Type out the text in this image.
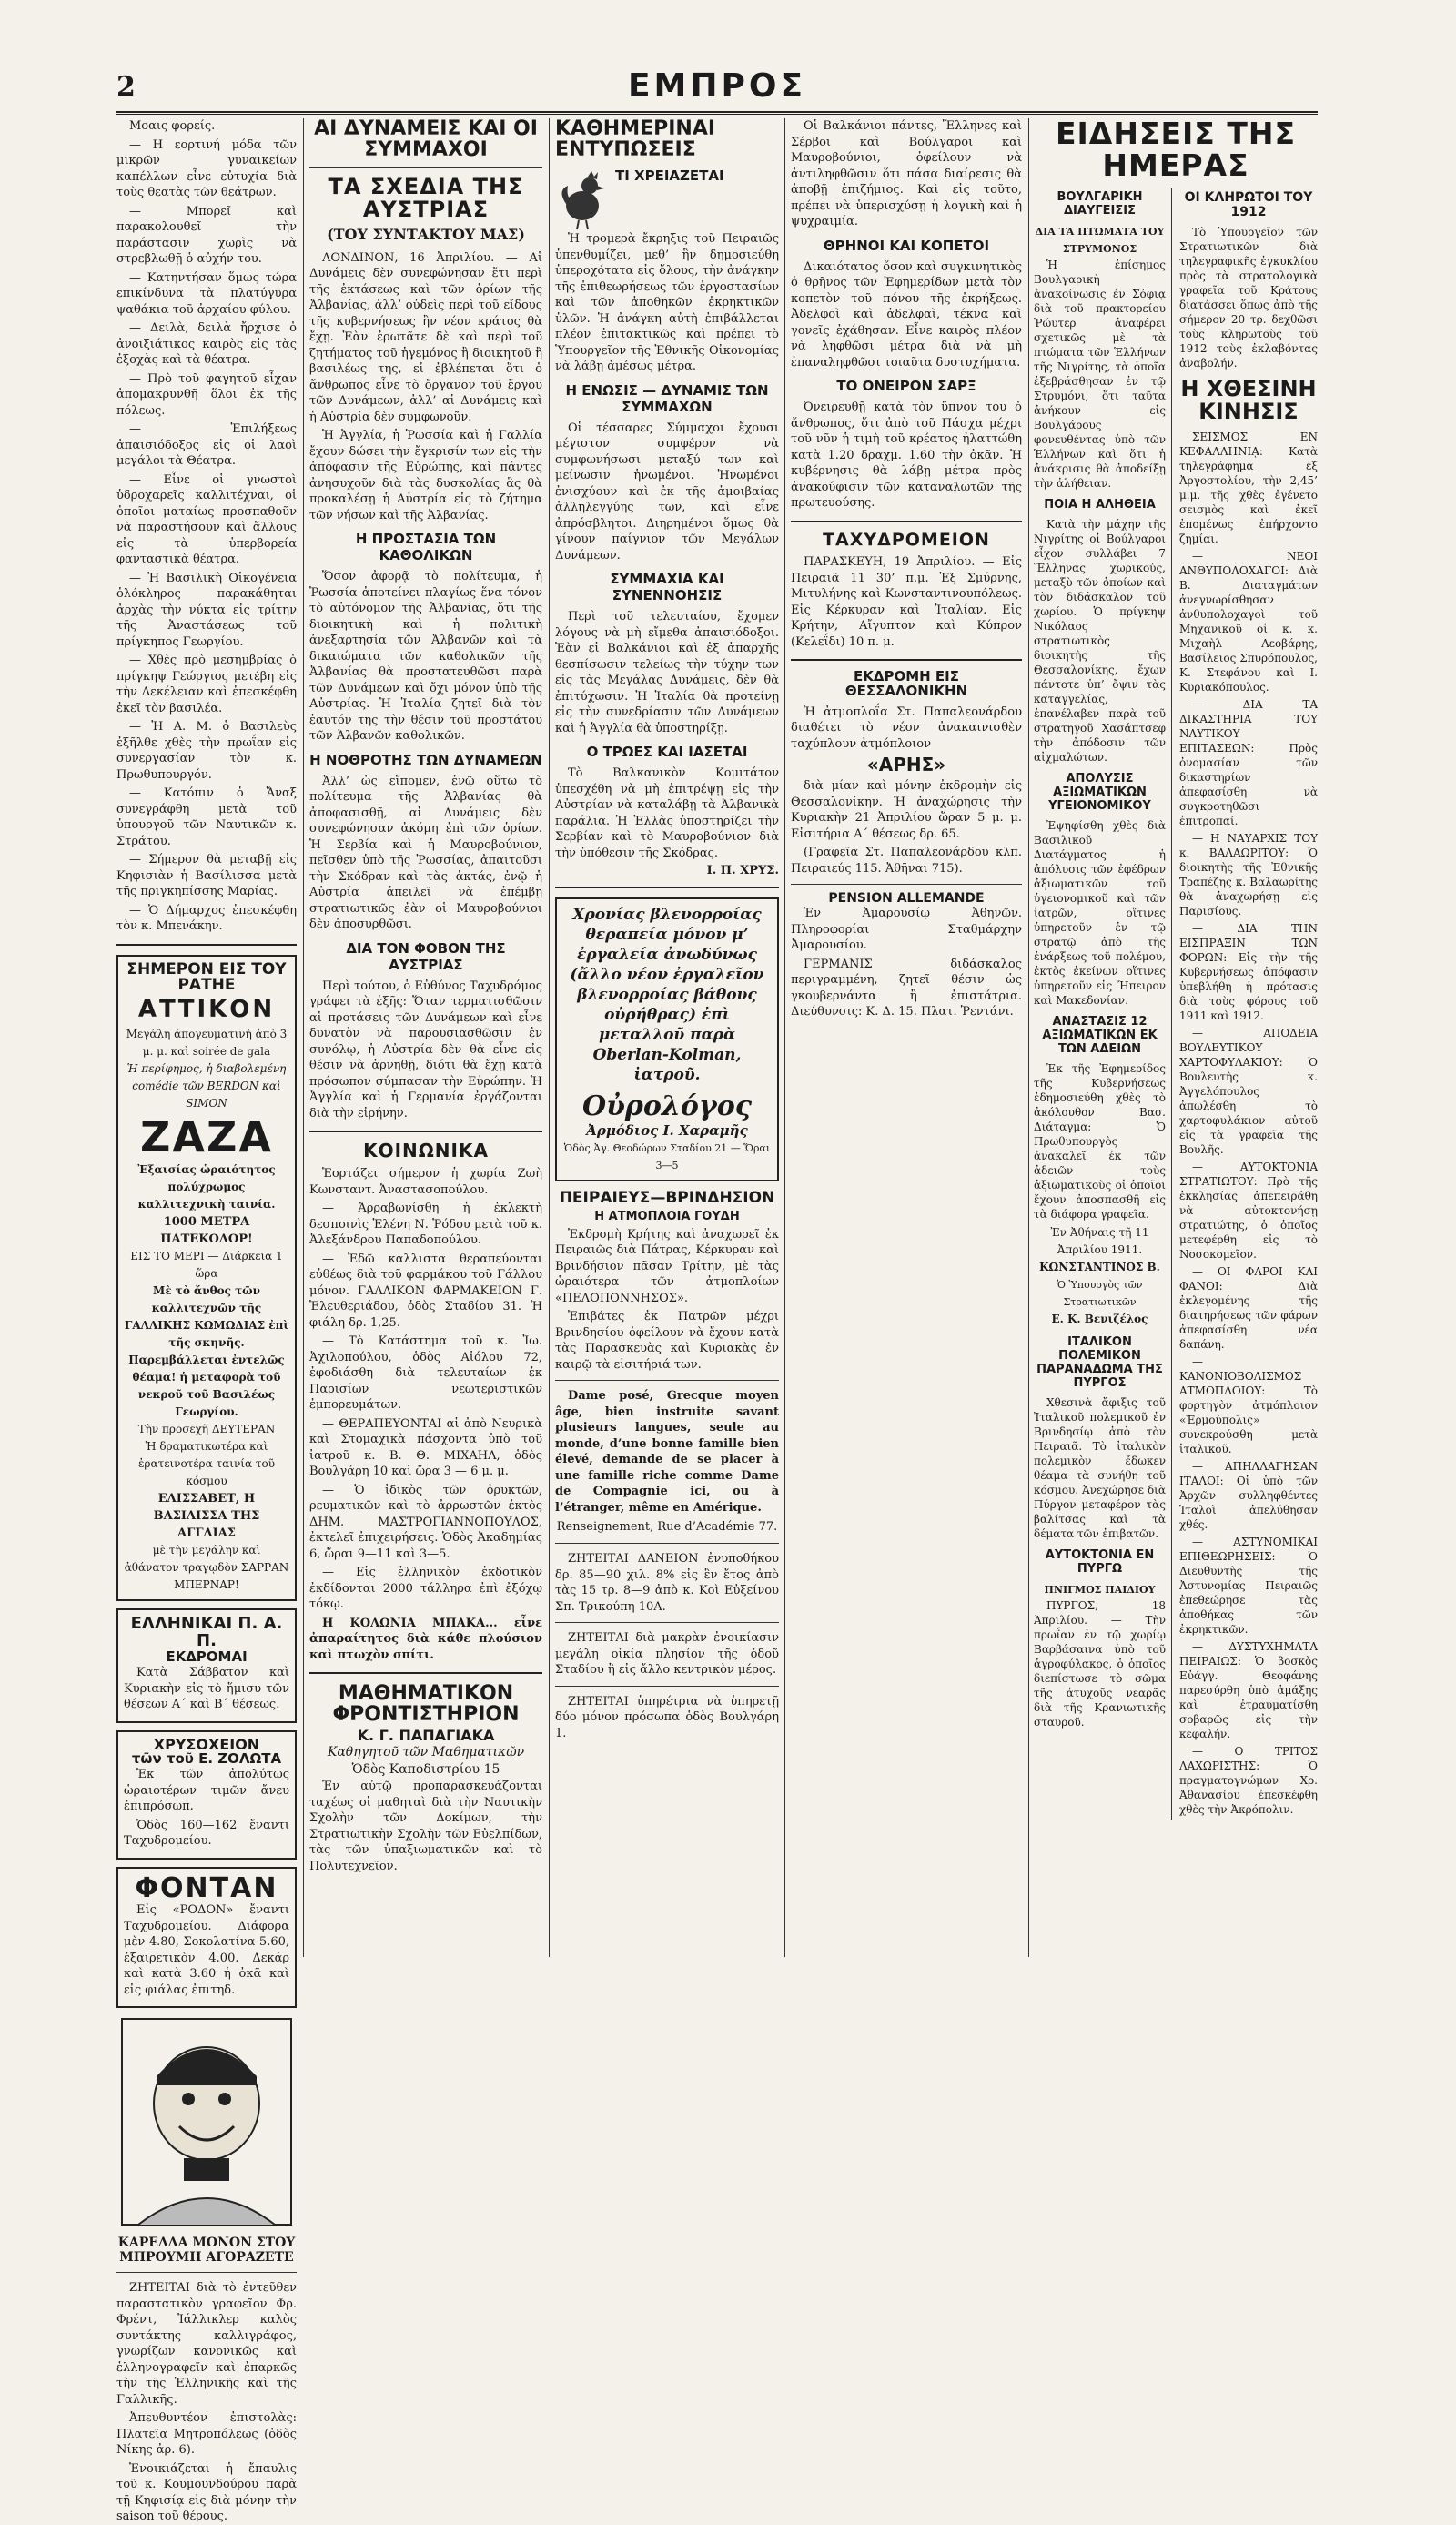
2	ΕΜΠΡΟΣ

Μοαις φορείς.

— Η εορτινή μόδα τῶν μικρῶν γυναικείων καπέλλων εἶνε εὐτυχία διὰ τοὺς θεατὰς τῶν θεάτρων.

— Μπορεῖ καὶ παρακολουθεῖ τὴν παράστασιν χωρὶς νὰ στρεβλωθῇ ὁ αὐχήν του.

— Κατηντήσαν ὅμως τώρα επικίνδυνα τὰ πλατύγυρα ψαθάκια τοῦ ἀρχαίου φύλου.

— Δειλὰ, δειλὰ ἤρχισε ὁ ἀνοιξιάτικος καιρὸς εἰς τὰς ἐξοχὰς καὶ τὰ θέατρα.

— Πρὸ τοῦ φαγητοῦ εἶχαν ἀπομακρυνθῆ ὅλοι ἐκ τῆς πόλεως.

— Ἐπιλήξεως ἀπαισιόδοξος εἰς οἱ λαοὶ μεγάλοι τὰ Θέατρα.

— Εἶνε οἱ γνωστοὶ ὑδροχαρεῖς καλλιτέχναι, οἱ ὁποῖοι ματαίως προσπαθοῦν νὰ παραστήσουν καὶ ἄλλους εἰς τὰ ὑπερβορεία φανταστικὰ θέατρα.

— Ἡ Βασιλικὴ Οἰκογένεια ὁλόκληρος παρακάθηται ἀρχὰς τὴν νύκτα εἰς τρίτην τῆς Ἀναστάσεως τοῦ πρίγκηπος Γεωργίου.

— Χθὲς πρὸ μεσημβρίας ὁ πρίγκηψ Γεώργιος μετέβη εἰς τὴν Δεκέλειαν καὶ ἐπεσκέφθη ἐκεῖ τὸν βασιλέα.

— Ἡ Α. Μ. ὁ Βασιλεὺς ἐξῆλθε χθὲς τὴν πρωΐαν εἰς συνεργασίαν τὸν κ. Πρωθυπουργόν.

— Κατόπιν ὁ Ἄναξ συνεγράφθη μετὰ τοῦ ὑπουργοῦ τῶν Ναυτικῶν κ. Στράτου.

— Σήμερον θὰ μεταβῇ εἰς Κηφισιὰν ἡ Βασίλισσα μετὰ τῆς πριγκηπίσσης Μαρίας.

— Ὁ Δήμαρχος ἐπεσκέφθη τὸν κ. Μπενάκην.

ΣΗΜΕΡΟΝ ΕΙΣ ΤΟΥ ΡΑΤΗΕ
ΑΤΤΙΚΟΝ
Μεγάλη ἀπογευματινὴ ἀπὸ 3 μ. μ. καὶ soirée de gala
Ἡ περίφημος, ἡ διαβολεμένη comédie τῶν BERDON καὶ SIMON
ΖΑΖΑ
Ἐξαισίας ὡραιότητος πολύχρωμος καλλιτεχνικὴ ταινία.
1000 ΜΕΤΡΑ ΠΑΤΕΚΟΛΟΡ!
ΕΙΣ ΤΟ ΜΕΡΙ — Διάρκεια 1 ὥρα
Μὲ τὸ ἄνθος τῶν καλλιτεχνῶν τῆς ΓΑΛΛΙΚΗΣ ΚΩΜΩΔΙΑΣ ἐπὶ τῆς σκηνῆς.
Παρεμβάλλεται ἐντελῶς θέαμα! ἡ μεταφορὰ τοῦ νεκροῦ τοῦ Βασιλέως Γεωργίου.
Τὴν προσεχῆ ΔΕΥΤΕΡΑΝ
Ἡ δραματικωτέρα καὶ ἐρατεινοτέρα ταινία τοῦ κόσμου
ΕΛΙΣΣΑΒΕΤ, Η ΒΑΣΙΛΙΣΣΑ ΤΗΣ ΑΓΓΛΙΑΣ
μὲ τὴν μεγάλην καὶ ἀθάνατον τραγῳδὸν ΣΑΡΡΑΝ ΜΠΕΡΝΑΡ!
ΕΛΛΗΝΙΚΑΙ Π. Α. Π.
ΕΚΔΡΟΜΑΙ

Κατὰ Σάββατον καὶ Κυριακὴν εἰς τὸ ἥμισυ τῶν θέσεων Α΄ καὶ Β΄ θέσεως.

ΧΡΥΣΟΧΕΙΟΝ
τῶν τοῦ Ε. ΖΟΛΩΤΑ

Ἐκ τῶν ἀπολύτως ὡραιοτέρων τιμῶν ἄνευ ἐπιπρόσωπ.

Ὁδὸς 160—162 ἔναντι Ταχυδρομείου.

ΦΟΝΤΑΝ

Εἰς «ΡΟΔΟΝ» ἔναντι Ταχυδρομείου. Διάφορα μὲν 4.80, Σοκολατίνα 5.60, ἐξαιρετικὸν 4.00. Δεκάρ καὶ κατὰ 3.60 ἡ ὀκᾶ καὶ εἰς φιάλας ἐπιτηδ.

ΚΑΡΕΛΛΑ ΜΟΝΟΝ ΣΤΟΥ ΜΠΡΟΥΜΗ ΑΓΟΡΑΖΕΤΕ

ΖΗΤΕΙΤΑΙ διὰ τὸ ἐντεῦθεν παραστατικὸν γραφεῖον Φρ. Φρέντ, Ἰάλλικλερ καλὸς συντάκτης καλλιγράφος, γνωρίζων κανονικῶς καὶ ἑλληνογραφεῖν καὶ ἐπαρκῶς τὴν τῆς Ἑλληνικῆς καὶ τῆς Γαλλικῆς.

Ἀπευθυντέον ἐπιστολὰς: Πλατεῖα Μητροπόλεως (ὁδὸς Νίκης ἀρ. 6).

Ἐνοικιάζεται ἡ ἔπαυλις τοῦ κ. Κουμουνδούρου παρὰ τῇ Κηφισίᾳ εἰς διὰ μόνην τὴν saison τοῦ θέρους.

ΑΙ ΔΥΝΑΜΕΙΣ ΚΑΙ ΟΙ ΣΥΜΜΑΧΟΙ
ΤΑ ΣΧΕΔΙΑ ΤΗΣ ΑΥΣΤΡΙΑΣ
(ΤΟΥ ΣΥΝΤΑΚΤΟΥ ΜΑΣ)

ΛΟΝΔΙΝΟΝ, 16 Ἀπριλίου. — Αἱ Δυνάμεις δὲν συνεφώνησαν ἔτι περὶ τῆς ἐκτάσεως καὶ τῶν ὁρίων τῆς Ἀλβανίας, ἀλλ’ οὐδεὶς περὶ τοῦ εἴδους τῆς κυβερνήσεως ἢν νέον κράτος θὰ ἔχῃ. Ἐὰν ἐρωτᾶτε δὲ καὶ περὶ τοῦ ζητήματος τοῦ ἡγεμόνος ἢ διοικητοῦ ἢ βασιλέως της, εἰ ἐβλέπεται ὅτι ὁ ἄνθρωπος εἶνε τὸ ὄργανον τοῦ ἔργου τῶν Δυνάμεων, ἀλλ’ αἱ Δυνάμεις καὶ ἡ Αὐστρία δὲν συμφωνοῦν.

Ἡ Ἀγγλία, ἡ Ῥωσσία καὶ ἡ Γαλλία ἔχουν δώσει τὴν ἔγκρισίν των εἰς τὴν ἀπόφασιν τῆς Εὐρώπης, καὶ πάντες ἀνησυχοῦν διὰ τὰς δυσκολίας ἃς θὰ προκαλέσῃ ἡ Αὐστρία εἰς τὸ ζήτημα τῶν νήσων καὶ τῆς Ἀλβανίας.

Η ΠΡΟΣΤΑΣΙΑ ΤΩΝ ΚΑΘΟΛΙΚΩΝ

Ὅσον ἀφορᾷ τὸ πολίτευμα, ἡ Ῥωσσία ἀποτείνει πλαγίως ἕνα τόνον τὸ αὐτόνομον τῆς Ἀλβανίας, ὅτι τῆς διοικητικὴ καὶ ἡ πολιτικὴ ἀνεξαρτησία τῶν Ἀλβανῶν καὶ τὰ δικαιώματα τῶν καθολικῶν τῆς Ἀλβανίας θὰ προστατευθῶσι παρὰ τῶν Δυνάμεων καὶ ὄχι μόνον ὑπὸ τῆς Αὐστρίας. Ἡ Ἰταλία ζητεῖ διὰ τὸν ἑαυτόν της τὴν θέσιν τοῦ προστάτου τῶν Ἀλβανῶν καθολικῶν.

Η ΝΟΘΡΟΤΗΣ ΤΩΝ ΔΥΝΑΜΕΩΝ

Ἀλλ’ ὡς εἴπομεν, ἐνῷ οὕτω τὸ πολίτευμα τῆς Ἀλβανίας θὰ ἀποφασισθῇ, αἱ Δυνάμεις δὲν συνεφώνησαν ἀκόμη ἐπὶ τῶν ὁρίων. Ἡ Σερβία καὶ ἡ Μαυροβούνιον, πεῖσθεν ὑπὸ τῆς Ῥωσσίας, ἀπαιτοῦσι τὴν Σκόδραν καὶ τὰς ἀκτάς, ἐνῷ ἡ Αὐστρία ἀπειλεῖ νὰ ἐπέμβῃ στρατιωτικῶς ἐὰν οἱ Μαυροβούνιοι δὲν ἀποσυρθῶσι.

ΔΙΑ ΤΟΝ ΦΟΒΟΝ ΤΗΣ ΑΥΣΤΡΙΑΣ

Περὶ τούτου, ὁ Εὐθύνος Ταχυδρόμος γράφει τὰ ἑξῆς: Ὅταν τερματισθῶσιν αἱ προτάσεις τῶν Δυνάμεων καὶ εἶνε δυνατὸν νὰ παρουσιασθῶσιν ἐν συνόλῳ, ἡ Αὐστρία δὲν θὰ εἶνε εἰς θέσιν νὰ ἀρνηθῇ, διότι θὰ ἔχῃ κατὰ πρόσωπον σύμπασαν τὴν Εὐρώπην. Ἡ Ἀγγλία καὶ ἡ Γερμανία ἐργάζονται διὰ τὴν εἰρήνην.

ΚΟΙΝΩΝΙΚΑ

Ἑορτάζει σήμερον ἡ χωρία Ζωὴ Κωνσταντ. Ἀναστασοπούλου.

— Ἀρραβωνίσθη ἡ ἐκλεκτὴ δεσποινὶς Ἑλένη Ν. Ῥόδου μετὰ τοῦ κ. Ἀλεξάνδρου Παπαδοπούλου.

— Ἐδῶ καλλιστα θεραπεύονται εὐθέως διὰ τοῦ φαρμάκου τοῦ Γάλλου μόνον. ΓΑΛΛΙΚΟΝ ΦΑΡΜΑΚΕΙΟΝ Γ. Ἐλευθεριάδου, ὁδὸς Σταδίου 31. Ἡ φιάλη δρ. 1,25.

— Τὸ Κατάστημα τοῦ κ. Ἰω. Ἀχιλοπούλου, ὁδὸς Αἰόλου 72, ἐφοδιάσθη διὰ τελευταίων ἐκ Παρισίων νεωτεριστικῶν ἐμπορευμάτων.

— ΘΕΡΑΠΕΥΟΝΤΑΙ αἱ ἀπὸ Νευρικὰ καὶ Στομαχικὰ πάσχοντα ὑπὸ τοῦ ἰατροῦ κ. Β. Θ. ΜΙΧΑΗΛ, ὁδὸς Βουλγάρη 10 καὶ ὥρα 3 — 6 μ. μ.

— Ὁ ἰδικὸς τῶν ὀρυκτῶν, ρευματικῶν καὶ τὸ ἀρρωστῶν ἐκτὸς ΔΗΜ. ΜΑΣΤΡΟΓΙΑΝΝΟΠΟΥΛΟΣ, ἐκτελεῖ ἐπιχειρήσεις. Ὁδὸς Ἀκαδημίας 6, ὥραι 9—11 καὶ 3—5.

— Εἰς ἑλληνικὸν ἐκδοτικὸν ἐκδίδονται 2000 τάλληρα ἐπὶ ἐξόχῳ τόκῳ.

Η ΚΟΛΩΝΙΑ ΜΠΑΚΑ... εἶνε ἀπαραίτητος διὰ κάθε πλούσιον καὶ πτωχὸν σπίτι.

ΜΑΘΗΜΑΤΙΚΟΝ ΦΡΟΝΤΙΣΤΗΡΙΟΝ
Κ. Γ. ΠΑΠΑΓΙΑΚΑ
Καθηγητοῦ τῶν Μαθηματικῶν
Ὁδὸς Καποδιστρίου 15

Ἐν αὐτῷ προπαρασκευάζονται ταχέως οἱ μαθηταὶ διὰ τὴν Ναυτικὴν Σχολὴν τῶν Δοκίμων, τὴν Στρατιωτικὴν Σχολὴν τῶν Εὐελπίδων, τὰς τῶν ὑπαξιωματικῶν καὶ τὸ Πολυτεχνεῖον.

ΚΑΘΗΜΕΡΙΝΑΙ ΕΝΤΥΠΩΣΕΙΣ
ΤΙ ΧΡΕΙΑΖΕΤΑΙ

Ἡ τρομερὰ ἔκρηξις τοῦ Πειραιῶς ὑπενθυμίζει, μεθ’ ἣν δημοσιεύθη ὑπεροχότατα εἰς ὅλους, τὴν ἀνάγκην τῆς ἐπιθεωρήσεως τῶν ἐργοστασίων καὶ τῶν ἀποθηκῶν ἐκρηκτικῶν ὑλῶν. Ἡ ἀνάγκη αὐτὴ ἐπιβάλλεται πλέον ἐπιτακτικῶς καὶ πρέπει τὸ Ὑπουργεῖον τῆς Ἐθνικῆς Οἰκονομίας νὰ λάβῃ ἀμέσως μέτρα.

Η ΕΝΩΣΙΣ — ΔΥΝΑΜΙΣ ΤΩΝ ΣΥΜΜΑΧΩΝ

Οἱ τέσσαρες Σύμμαχοι ἔχουσι μέγιστον συμφέρον νὰ συμφωνήσωσι μεταξύ των καὶ μείνωσιν ἡνωμένοι. Ἡνωμένοι ἐνισχύουν καὶ ἐκ τῆς ἀμοιβαίας ἀλληλεγγύης των, καὶ εἶνε ἀπρόσβλητοι. Διηρημένοι ὅμως θὰ γίνουν παίγνιον τῶν Μεγάλων Δυνάμεων.

ΣΥΜΜΑΧΙΑ ΚΑΙ ΣΥΝΕΝΝΟΗΣΙΣ

Περὶ τοῦ τελευταίου, ἔχομεν λόγους νὰ μὴ εἴμεθα ἀπαισιόδοξοι. Ἐὰν εἰ Βαλκάνιοι καὶ ἐξ ἀπαρχῆς θεσπίσωσιν τελείως τὴν τύχην των εἰς τὰς Μεγάλας Δυνάμεις, δὲν θὰ ἐπιτύχωσιν. Ἡ Ἰταλία θὰ προτείνῃ εἰς τὴν συνεδρίασιν τῶν Δυνάμεων καὶ ἡ Ἀγγλία θὰ ὑποστηρίξῃ.

Ο ΤΡΩΕΣ ΚΑΙ ΙΑΣΕΤΑΙ

Τὸ Βαλκανικὸν Κομιτάτον ὑπεσχέθη νὰ μὴ ἐπιτρέψῃ εἰς τὴν Αὐστρίαν νὰ καταλάβῃ τὰ Ἀλβανικὰ παράλια. Ἡ Ἑλλὰς ὑποστηρίζει τὴν Σερβίαν καὶ τὸ Μαυροβούνιον διὰ τὴν ὑπόθεσιν τῆς Σκόδρας.

Ι. Π. ΧΡΥΣ.

Χρονίας βλενορροίας θεραπεία μόνον μ’ ἐργαλεία ἀνωδύνως (ἄλλο νέον ἐργαλεῖον βλενορροίας βάθους οὐρήθρας) ἐπὶ μεταλλοῦ παρὰ Oberlan-Kolman, ἰατροῦ.

Οὐρολόγος
Ἀρμόδιος Ι. Χαραμῆς
Ὁδὸς Ἀγ. Θεοδώρων Σταδίου 21 — Ὥραι 3—5
ΠΕΙΡΑΙΕΥΣ—ΒΡΙΝΔΗΣΙΟΝ
Η ΑΤΜΟΠΛΟΙΑ ΓΟΥΔΗ

Ἐκδρομὴ Κρήτης καὶ ἀναχωρεῖ ἐκ Πειραιῶς διὰ Πάτρας, Κέρκυραν καὶ Βρινδήσιον πᾶσαν Τρίτην, μὲ τὰς ὡραιότερα τῶν ἀτμοπλοίων «ΠΕΛΟΠΟΝΝΗΣΟΣ».

Ἐπιβάτες ἐκ Πατρῶν μέχρι Βρινδησίου ὀφείλουν νὰ ἔχουν κατὰ τὰς Παρασκευὰς καὶ Κυριακὰς ἐν καιρῷ τὰ εἰσιτήριά των.

Dame posé, Grecque moyen âge, bien instruite savant plusieurs langues, seule au monde, d’une bonne famille bien élevé, demande de se placer à une famille riche comme Dame de Compagnie ici, ou à l’étranger, même en Amérique.

Renseignement, Rue d’Académie 77.

ΖΗΤΕΙΤΑΙ ΔΑΝΕΙΟΝ ἐνυποθήκου δρ. 85—90 χιλ. 8% εἰς ἓν ἔτος ἀπὸ τὰς 15 τρ. 8—9 ἀπὸ κ. Κοὶ Εὐξείνου Σπ. Τρικούπη 10Α.

ΖΗΤΕΙΤΑΙ διὰ μακρὰν ἐνοικίασιν μεγάλη οἰκία πλησίον τῆς ὁδοῦ Σταδίου ἢ εἰς ἄλλο κεντρικὸν μέρος.

ΖΗΤΕΙΤΑΙ ὑπηρέτρια νὰ ὑπηρετῇ δύο μόνον πρόσωπα ὁδὸς Βουλγάρη 1.

Οἱ Βαλκάνιοι πάντες, Ἕλληνες καὶ Σέρβοι καὶ Βούλγαροι καὶ Μαυροβούνιοι, ὀφείλουν νὰ ἀντιληφθῶσιν ὅτι πάσα διαίρεσις θὰ ἀποβῇ ἐπιζήμιος. Καὶ εἰς τοῦτο, πρέπει νὰ ὑπερισχύσῃ ἡ λογικὴ καὶ ἡ ψυχραιμία.

ΘΡΗΝΟΙ ΚΑΙ ΚΟΠΕΤΟΙ

Δικαιότατος ὅσον καὶ συγκινητικὸς ὁ θρῆνος τῶν Ἐφημερίδων μετὰ τὸν κοπετὸν τοῦ πόνου τῆς ἐκρήξεως. Ἀδελφοὶ καὶ ἀδελφαὶ, τέκνα καὶ γονεῖς ἐχάθησαν. Εἶνε καιρὸς πλέον νὰ ληφθῶσι μέτρα διὰ νὰ μὴ ἐπαναληφθῶσι τοιαῦτα δυστυχήματα.

ΤΟ ΟΝΕΙΡΟΝ ΣΑΡΞ

Ὀνειρευθῇ κατὰ τὸν ὕπνον του ὁ ἄνθρωπος, ὅτι ἀπὸ τοῦ Πάσχα μέχρι τοῦ νῦν ἡ τιμὴ τοῦ κρέατος ἠλαττώθη κατὰ 1.20 δραχμ. 1.60 τὴν ὀκᾶν. Ἡ κυβέρνησις θὰ λάβῃ μέτρα πρὸς ἀνακούφισιν τῶν καταναλωτῶν τῆς πρωτευούσης.

ΤΑΧΥΔΡΟΜΕΙΟΝ

ΠΑΡΑΣΚΕΥΗ, 19 Ἀπριλίου. — Εἰς Πειραιᾶ 11 30’ π.μ. Ἐξ Σμύρνης, Μιτυλήνης καὶ Κωνσταντινουπόλεως. Εἰς Κέρκυραν καὶ Ἰταλίαν. Εἰς Κρήτην, Αἴγυπτον καὶ Κύπρον (Κελεΐδι) 10 π. μ.

ΕΚΔΡΟΜΗ ΕΙΣ ΘΕΣΣΑΛΟΝΙΚΗΝ

Ἡ ἀτμοπλοΐα Στ. Παπαλεονάρδου διαθέτει τὸ νέον ἀνακαινισθὲν ταχύπλουν ἀτμόπλοιον

«ΑΡΗΣ»

διὰ μίαν καὶ μόνην ἐκδρομὴν εἰς Θεσσαλονίκην. Ἡ ἀναχώρησις τὴν Κυριακὴν 21 Ἀπριλίου ὥραν 5 μ. μ. Εἰσιτήρια Α΄ θέσεως δρ. 65.

(Γραφεῖα Στ. Παπαλεονάρδου κλπ. Πειραιεύς 115. Ἀθῆναι 715).

PENSION ALLEMANDE

Ἐν Ἀμαρουσίῳ Ἀθηνῶν. Πληροφορίαι Σταθμάρχην Ἀμαρουσίου.

ΓΕΡΜΑΝΙΣ διδάσκαλος περιγραμμένη, ζητεῖ θέσιν ὡς γκουβερνάντα ἢ ἐπιστάτρια. Διεύθυνσις: Κ. Δ. 15. Πλατ. Ῥεντάνι.

ΕΙΔΗΣΕΙΣ ΤΗΣ ΗΜΕΡΑΣ
ΒΟΥΛΓΑΡΙΚΗ ΔΙΑΥΓΕΙΣΙΣ
ΔΙΑ ΤΑ ΠΤΩΜΑΤΑ ΤΟΥ ΣΤΡΥΜΟΝΟΣ

Ἡ ἐπίσημος Βουλγαρικὴ ἀνακοίνωσις ἐν Σόφιᾳ διὰ τοῦ πρακτορείου Ῥώυτερ ἀναφέρει σχετικῶς μὲ τὰ πτώματα τῶν Ἑλλήνων τῆς Νιγρίτης, τὰ ὁποῖα ἐξεβράσθησαν ἐν τῷ Στρυμόνι, ὅτι ταῦτα ἀνήκουν εἰς Βουλγάρους φονευθέντας ὑπὸ τῶν Ἑλλήνων καὶ ὅτι ἡ ἀνάκρισις θὰ ἀποδείξῃ τὴν ἀλήθειαν.

ΠΟΙΑ Η ΑΛΗΘΕΙΑ

Κατὰ τὴν μάχην τῆς Νιγρίτης οἱ Βούλγαροι εἶχον συλλάβει 7 Ἕλληνας χωρικούς, μεταξὺ τῶν ὁποίων καὶ τὸν διδάσκαλον τοῦ χωρίου. Ὁ πρίγκηψ Νικόλαος στρατιωτικὸς διοικητὴς τῆς Θεσσαλονίκης, ἔχων πάντοτε ὑπ’ ὄψιν τὰς καταγγελίας, ἐπανέλαβεν παρὰ τοῦ στρατηγοῦ Χασάπτσεφ τὴν ἀπόδοσιν τῶν αἰχμαλώτων.

ΑΠΟΛΥΣΙΣ ΑΞΙΩΜΑΤΙΚΩΝ ΥΓΕΙΟΝΟΜΙΚΟΥ

Ἐψηφίσθη χθὲς διὰ Βασιλικοῦ Διατάγματος ἡ ἀπόλυσις τῶν ἐφέδρων ἀξιωματικῶν τοῦ ὑγειονομικοῦ καὶ τῶν ἰατρῶν, οἵτινες ὑπηρετοῦν ἐν τῷ στρατῷ ἀπὸ τῆς ἐνάρξεως τοῦ πολέμου, ἐκτὸς ἐκείνων οἵτινες ὑπηρετοῦν εἰς Ἤπειρον καὶ Μακεδονίαν.

ΑΝΑΣΤΑΣΙΣ 12 ΑΞΙΩΜΑΤΙΚΩΝ ΕΚ ΤΩΝ ΑΔΕΙΩΝ

Ἐκ τῆς Ἐφημερίδος τῆς Κυβερνήσεως ἐδημοσιεύθη χθὲς τὸ ἀκόλουθον Βασ. Διάταγμα: Ὁ Πρωθυπουργὸς ἀνακαλεῖ ἐκ τῶν ἀδειῶν τοὺς ἀξιωματικοὺς οἱ ὁποῖοι ἔχουν ἀποσπασθῆ εἰς τὰ διάφορα γραφεῖα.

Ἐν Ἀθήναις τῇ 11 Ἀπριλίου 1911.
ΚΩΝΣΤΑΝΤΙΝΟΣ Β.
Ὁ Ὑπουργὸς τῶν Στρατιωτικῶν
Ε. Κ. Βενιζέλος
ΙΤΑΛΙΚΟΝ ΠΟΛΕΜΙΚΟΝ ΠΑΡΑΝΑΔΩΜΑ ΤΗΣ ΠΥΡΓΟΣ

Χθεσινὰ ἄφιξις τοῦ Ἰταλικοῦ πολεμικοῦ ἐν Βρινδησίῳ ἀπὸ τὸν Πειραιᾶ. Τὸ ἰταλικὸν πολεμικὸν ἔδωκεν θέαμα τὰ συνήθη τοῦ κόσμου. Ἀνεχώρησε διὰ Πύργον μεταφέρον τὰς βαλίτσας καὶ τὰ δέματα τῶν ἐπιβατῶν.

ΑΥΤΟΚΤΟΝΙΑ ΕΝ ΠΥΡΓΩ
ΠΝΙΓΜΟΣ ΠΑΙΔΙΟΥ

ΠΥΡΓΟΣ, 18 Ἀπριλίου. — Τὴν πρωΐαν ἐν τῷ χωρίῳ Βαρβάσαινα ὑπὸ τοῦ ἀγροφύλακος, ὁ ὁποῖος διεπίστωσε τὸ σῶμα τῆς ἀτυχοῦς νεαρᾶς διὰ τῆς Κρανιωτικῆς σταυροῦ.

ΟΙ ΚΛΗΡΩΤΟΙ ΤΟΥ 1912

Τὸ Ὑπουργεῖον τῶν Στρατιωτικῶν διὰ τηλεγραφικῆς ἐγκυκλίου πρὸς τὰ στρατολογικὰ γραφεῖα τοῦ Κράτους διατάσσει ὅπως ἀπὸ τῆς σήμερον 20 τρ. δεχθῶσι τοὺς κληρωτοὺς τοῦ 1912 τοὺς ἐκλαβόντας ἀναβολήν.

Η ΧΘΕΣΙΝΗ ΚΙΝΗΣΙΣ

ΣΕΙΣΜΟΣ ΕΝ ΚΕΦΑΛΛΗΝΙᾼ: Κατὰ τηλεγράφημα ἐξ Ἀργοστολίου, τὴν 2,45’ μ.μ. τῆς χθὲς ἐγένετο σεισμὸς καὶ ἐκεῖ ἐπομένως ἐπήρχοντο ζημίαι.

— ΝΕΟΙ ΑΝΘΥΠΟΛΟΧΑΓΟΙ: Διὰ Β. Διαταγμάτων ἀνεγνωρίσθησαν ἀνθυπολοχαγοὶ τοῦ Μηχανικοῦ οἱ κ. κ. Μιχαὴλ Λεοβάρης, Βασίλειος Σπυρόπουλος, Κ. Στεφάνου καὶ Ι. Κυριακόπουλος.

— ΔΙΑ ΤΑ ΔΙΚΑΣΤΗΡΙΑ ΤΟΥ ΝΑΥΤΙΚΟΥ ΕΠΙΤΑΣΕΩΝ: Πρὸς ὀνομασίαν τῶν δικαστηρίων ἀπεφασίσθη νὰ συγκροτηθῶσι ἐπιτροπαί.

— Η ΝΑΥΑΡΧΙΣ ΤΟΥ κ. ΒΑΛΑΩΡΙΤΟΥ: Ὁ διοικητὴς τῆς Ἐθνικῆς Τραπέζης κ. Βαλαωρίτης θὰ ἀναχωρήσῃ εἰς Παρισίους.

— ΔΙΑ ΤΗΝ ΕΙΣΠΡΑΞΙΝ ΤΩΝ ΦΟΡΩΝ: Εἰς τὴν τῆς Κυβερνήσεως ἀπόφασιν ὑπεβλήθη ἡ πρότασις διὰ τοὺς φόρους τοῦ 1911 καὶ 1912.

— ΑΠΟΔΕΙΑ ΒΟΥΛΕΥΤΙΚΟΥ ΧΑΡΤΟΦΥΛΑΚΙΟΥ: Ὁ Βουλευτὴς κ. Ἀγγελόπουλος ἀπωλέσθη τὸ χαρτοφυλάκιον αὐτοῦ εἰς τὰ γραφεῖα τῆς Βουλῆς.

— ΑΥΤΟΚΤΟΝΙΑ ΣΤΡΑΤΙΩΤΟΥ: Πρὸ τῆς ἐκκλησίας ἀπεπειράθη νὰ αὐτοκτονήσῃ στρατιώτης, ὁ ὁποῖος μετεφέρθη εἰς τὸ Νοσοκομεῖον.

— ΟΙ ΦΑΡΟΙ ΚΑΙ ΦΑΝΟΙ: Διὰ ἐκλεγομένης τῆς διατηρήσεως τῶν φάρων ἀπεφασίσθη νέα δαπάνη.

— ΚΑΝΟΝΙΟΒΟΛΙΣΜΟΣ ΑΤΜΟΠΛΟΙΟΥ: Τὸ φορτηγὸν ἀτμόπλοιον «Ἑρμούπολις» συνεκρούσθη μετὰ ἰταλικοῦ.

— ΑΠΗΛΛΑΓΗΣΑΝ ΙΤΑΛΟΙ: Οἱ ὑπὸ τῶν Ἀρχῶν συλληφθέντες Ἰταλοὶ ἀπελύθησαν χθές.

— ΑΣΤΥΝΟΜΙΚΑΙ ΕΠΙΘΕΩΡΗΣΕΙΣ: Ὁ Διευθυντὴς τῆς Ἀστυνομίας Πειραιῶς ἐπεθεώρησε τὰς ἀποθήκας τῶν ἐκρηκτικῶν.

— ΔΥΣΤΥΧΗΜΑΤΑ ΠΕΙΡΑΙΩΣ: Ὁ βοσκὸς Εὐάγγ. Θεοφάνης παρεσύρθη ὑπὸ ἁμάξης καὶ ἐτραυματίσθη σοβαρῶς εἰς τὴν κεφαλήν.

— Ο ΤΡΙΤΟΣ ΛΑΧΩΡΙΣΤΗΣ: Ὁ πραγματογνώμων Χρ. Ἀθανασίου ἐπεσκέφθη χθὲς τὴν Ἀκρόπολιν.
